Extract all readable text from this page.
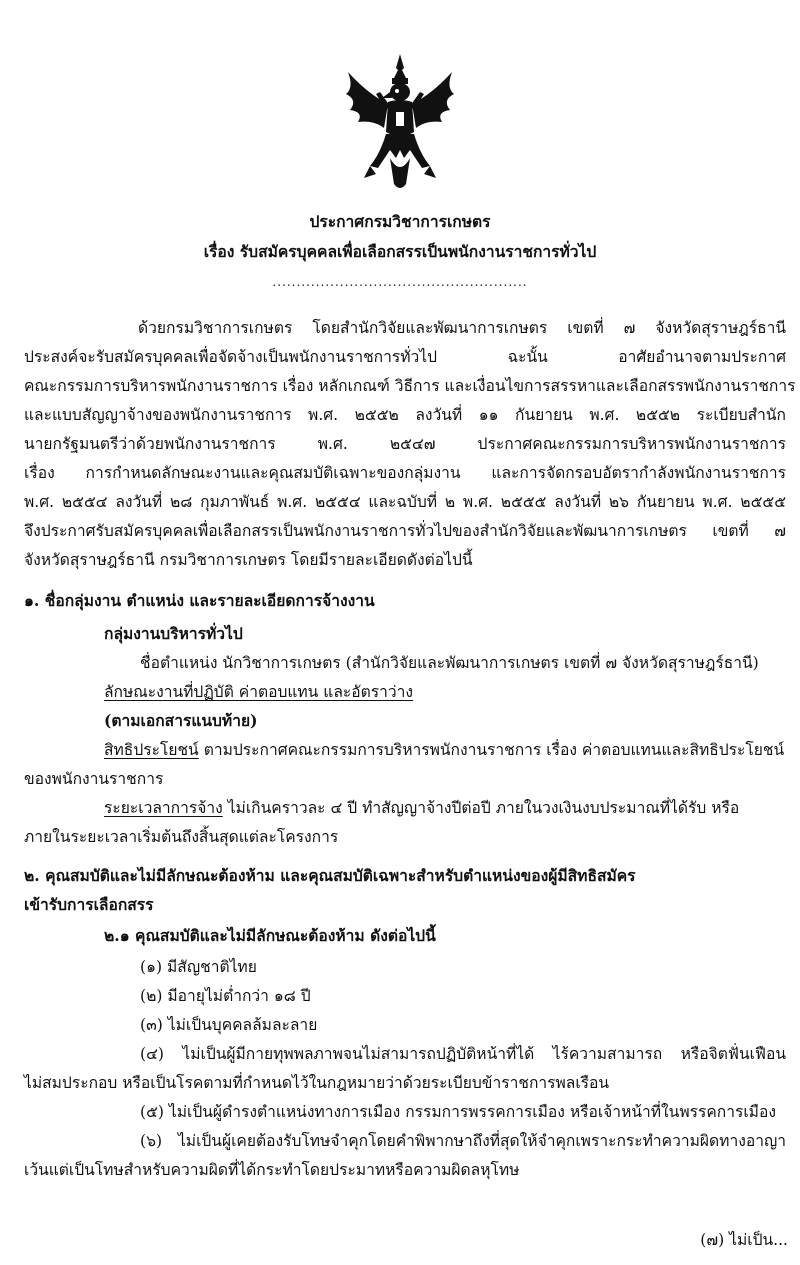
ประกาศกรมวิชาการเกษตร
เรื่อง รับสมัครบุคคลเพื่อเลือกสรรเป็นพนักงานราชการทั่วไป
.....................................................
ด้วยกรมวิชาการเกษตร โดยสำนักวิจัยและพัฒนาการเกษตร เขตที่ ๗ จังหวัดสุราษฎร์ธานี
ประสงค์จะรับสมัครบุคคลเพื่อจัดจ้างเป็นพนักงานราชการทั่วไป ฉะนั้น อาศัยอำนาจตามประกาศ
คณะกรรมการบริหารพนักงานราชการ เรื่อง หลักเกณฑ์ วิธีการ และเงื่อนไขการสรรหาและเลือกสรรพนักงานราชการ
และแบบสัญญาจ้างของพนักงานราชการ พ.ศ. ๒๕๕๒ ลงวันที่ ๑๑ กันยายน พ.ศ. ๒๕๕๒ ระเบียบสำนัก
นายกรัฐมนตรีว่าด้วยพนักงานราชการ พ.ศ. ๒๕๔๗ ประกาศคณะกรรมการบริหารพนักงานราชการ
เรื่อง การกำหนดลักษณะงานและคุณสมบัติเฉพาะของกลุ่มงาน และการจัดกรอบอัตรากำลังพนักงานราชการ
พ.ศ. ๒๕๕๔ ลงวันที่ ๒๘ กุมภาพันธ์ พ.ศ. ๒๕๕๔ และฉบับที่ ๒ พ.ศ. ๒๕๕๕ ลงวันที่ ๒๖ กันยายน พ.ศ. ๒๕๕๕
จึงประกาศรับสมัครบุคคลเพื่อเลือกสรรเป็นพนักงานราชการทั่วไปของสำนักวิจัยและพัฒนาการเกษตร เขตที่ ๗
จังหวัดสุราษฎร์ธานี กรมวิชาการเกษตร โดยมีรายละเอียดดังต่อไปนี้
๑. ชื่อกลุ่มงาน ตำแหน่ง และรายละเอียดการจ้างงาน
กลุ่มงานบริหารทั่วไป
ชื่อตำแหน่ง นักวิชาการเกษตร (สำนักวิจัยและพัฒนาการเกษตร เขตที่ ๗ จังหวัดสุราษฎร์ธานี)
ลักษณะงานที่ปฏิบัติ ค่าตอบแทน และอัตราว่าง
(ตามเอกสารแนบท้าย)
สิทธิประโยชน์ ตามประกาศคณะกรรมการบริหารพนักงานราชการ เรื่อง ค่าตอบแทนและสิทธิประโยชน์
ของพนักงานราชการ
ระยะเวลาการจ้าง ไม่เกินคราวละ ๔ ปี ทำสัญญาจ้างปีต่อปี ภายในวงเงินงบประมาณที่ได้รับ หรือ
ภายในระยะเวลาเริ่มต้นถึงสิ้นสุดแต่ละโครงการ
๒. คุณสมบัติและไม่มีลักษณะต้องห้าม และคุณสมบัติเฉพาะสำหรับตำแหน่งของผู้มีสิทธิสมัคร
เข้ารับการเลือกสรร
๒.๑ คุณสมบัติและไม่มีลักษณะต้องห้าม ดังต่อไปนี้
(๑) มีสัญชาติไทย
(๒) มีอายุไม่ต่ำกว่า ๑๘ ปี
(๓) ไม่เป็นบุคคลล้มละลาย
(๔) ไม่เป็นผู้มีกายทุพพลภาพจนไม่สามารถปฏิบัติหน้าที่ได้ ไร้ความสามารถ หรือจิตฟั่นเฟือน
ไม่สมประกอบ หรือเป็นโรคตามที่กำหนดไว้ในกฎหมายว่าด้วยระเบียบข้าราชการพลเรือน
(๕) ไม่เป็นผู้ดำรงตำแหน่งทางการเมือง กรรมการพรรคการเมือง หรือเจ้าหน้าที่ในพรรคการเมือง
(๖) ไม่เป็นผู้เคยต้องรับโทษจำคุกโดยคำพิพากษาถึงที่สุดให้จำคุกเพราะกระทำความผิดทางอาญา
เว้นแต่เป็นโทษสำหรับความผิดที่ได้กระทำโดยประมาทหรือความผิดลหุโทษ
(๗) ไม่เป็น...
